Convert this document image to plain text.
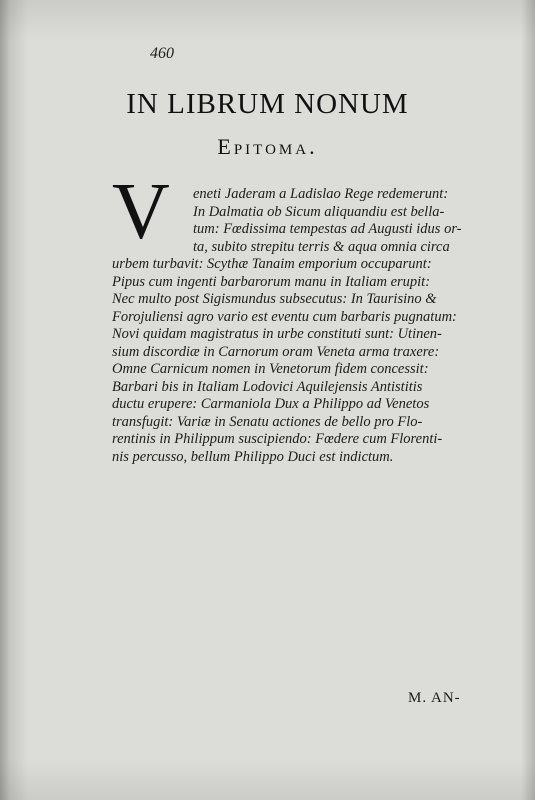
460
IN LIBRUM NONUM
Epitoma.
V	eneti Jaderam a Ladislao Rege redemerunt:
In Dalmatia ob Sicum aliquandiu est bella-
tum: Fœdissima tempestas ad Augusti idus or-
ta, subito strepitu terris & aqua omnia circa
urbem turbavit: Scythæ Tanaim emporium occuparunt:
Pipus cum ingenti barbarorum manu in Italiam erupit:
Nec multo post Sigismundus subsecutus: In Taurisino &
Forojuliensi agro vario est eventu cum barbaris pugnatum:
Novi quidam magistratus in urbe constituti sunt: Utinen-
sium discordiæ in Carnorum oram Veneta arma traxere:
Omne Carnicum nomen in Venetorum fidem concessit:
Barbari bis in Italiam Lodovici Aquilejensis Antistitis
ductu erupere: Carmaniola Dux a Philippo ad Venetos
transfugit: Variæ in Senatu actiones de bello pro Flo-
rentinis in Philippum suscipiendo: Fœdere cum Florenti-
nis percusso, bellum Philippo Duci est indictum.
M. AN-
